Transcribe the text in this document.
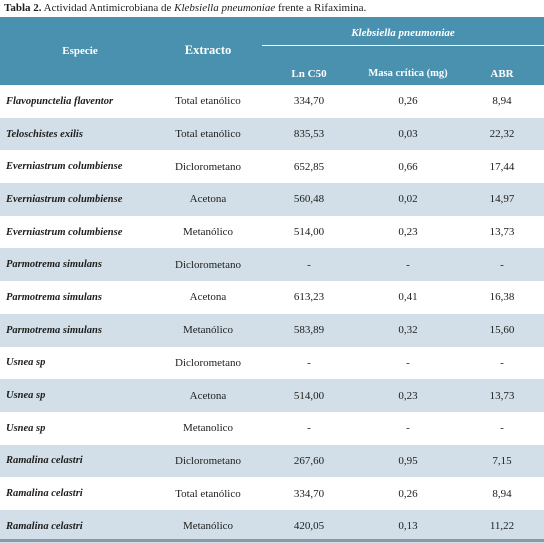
Tabla 2. Actividad Antimicrobiana de Klebsiella pneumoniae frente a Rifaximina.
Especie	Extracto
Klebsiella pneumoniae
Ln C50	Masa crítica (mg)	ABR
Flavopunctelia flaventor	Total etanólico	334,70	0,26	8,94
Teloschistes exilis	Total etanólico	835,53	0,03	22,32
Everniastrum columbiense	Diclorometano	652,85	0,66	17,44
Everniastrum columbiense	Acetona	560,48	0,02	14,97
Everniastrum columbiense	Metanólico	514,00	0,23	13,73
Parmotrema simulans	Diclorometano	-	-	-
Parmotrema simulans	Acetona	613,23	0,41	16,38
Parmotrema simulans	Metanólico	583,89	0,32	15,60
Usnea sp	Diclorometano	-	-	-
Usnea sp	Acetona	514,00	0,23	13,73
Usnea sp	Metanolico	-	-	-
Ramalina celastri	Diclorometano	267,60	0,95	7,15
Ramalina celastri	Total etanólico	334,70	0,26	8,94
Ramalina celastri	Metanólico	420,05	0,13	11,22
